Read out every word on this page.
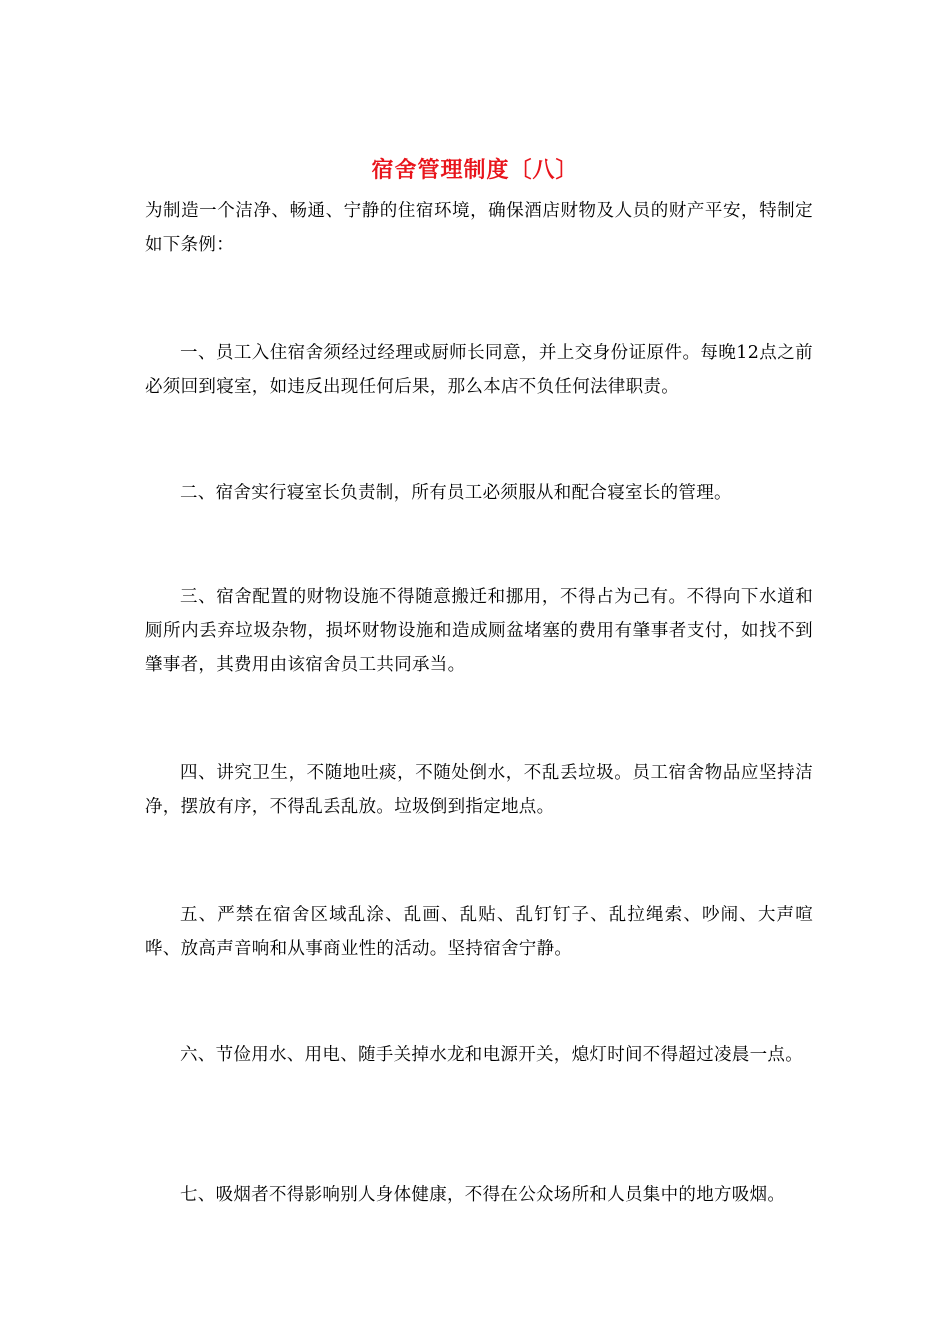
宿舍管理制度〔八〕

为制造一个洁净、畅通、宁静的住宿环境，确保酒店财物及人员的财产平安，特制定如下条例：

一、员工入住宿舍须经过经理或厨师长同意，并上交身份证原件。每晚12点之前必须回到寝室，如违反出现任何后果，那么本店不负任何法律职责。

二、宿舍实行寝室长负责制，所有员工必须服从和配合寝室长的管理。

三、宿舍配置的财物设施不得随意搬迁和挪用，不得占为己有。不得向下水道和厕所内丢弃垃圾杂物，损坏财物设施和造成厕盆堵塞的费用有肇事者支付，如找不到肇事者，其费用由该宿舍员工共同承当。

四、讲究卫生，不随地吐痰，不随处倒水，不乱丢垃圾。员工宿舍物品应坚持洁净，摆放有序，不得乱丢乱放。垃圾倒到指定地点。

五、严禁在宿舍区域乱涂、乱画、乱贴、乱钉钉子、乱拉绳索、吵闹、大声喧哗、放高声音响和从事商业性的活动。坚持宿舍宁静。

六、节俭用水、用电、随手关掉水龙和电源开关，熄灯时间不得超过凌晨一点。

七、吸烟者不得影响别人身体健康，不得在公众场所和人员集中的地方吸烟。
